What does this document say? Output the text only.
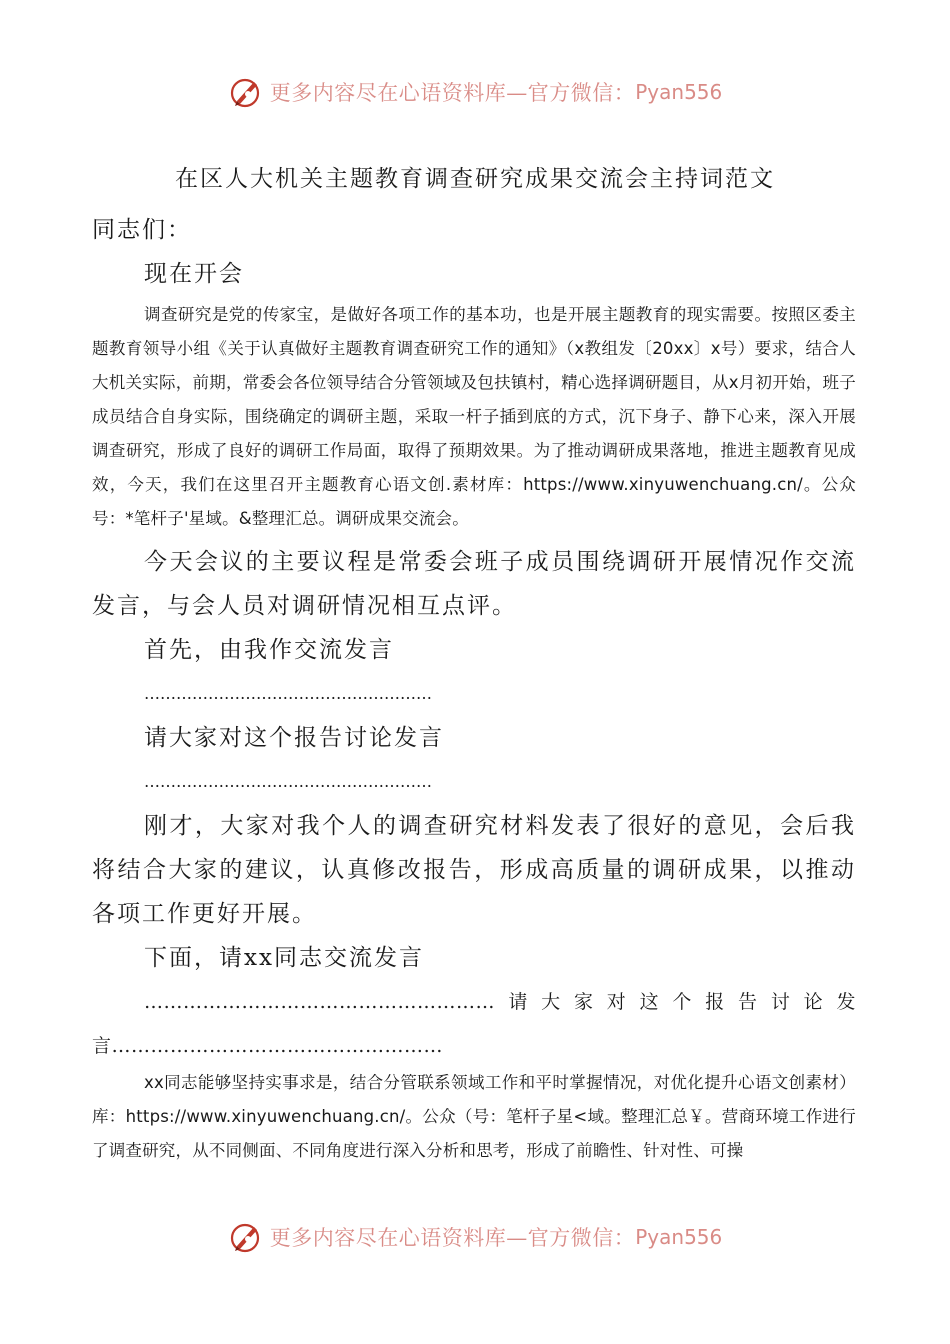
更多内容尽在心语资料库—官方微信： Pyan556
在区人大机关主题教育调查研究成果交流会主持词范文

同志们：

现在开会

调查研究是党的传家宝，是做好各项工作的基本功，也是开展主题教育的现实需要。按照区委主题教育领导小组《关于认真做好主题教育调查研究工作的通知》（x教组发〔20xx〕x号）要求，结合人大机关实际，前期，常委会各位领导结合分管领域及包扶镇村，精心选择调研题目，从x月初开始，班子成员结合自身实际，围绕确定的调研主题，采取一杆子插到底的方式，沉下身子、静下心来，深入开展调查研究，形成了良好的调研工作局面，取得了预期效果。为了推动调研成果落地，推进主题教育见成效，今天，我们在这里召开主题教育心语文创.素材库：https://www.xinyuwenchuang.cn/。公众号：*笔杆子'星域。&整理汇总。调研成果交流会。

今天会议的主要议程是常委会班子成员围绕调研开展情况作交流发言，与会人员对调研情况相互点评。

首先，由我作交流发言

………………………………………………

请大家对这个报告讨论发言

………………………………………………

刚才，大家对我个人的调查研究材料发表了很好的意见，会后我将结合大家的建议，认真修改报告，形成高质量的调研成果，以推动各项工作更好开展。

下面，请xx同志交流发言

………………………………………………请大家对这个报告讨论发言……………………………………………

xx同志能够坚持实事求是，结合分管联系领域工作和平时掌握情况，对优化提升心语文创素材）库：https://www.xinyuwenchuang.cn/。公众（号：笔杆子星<域。整理汇总￥。营商环境工作进行了调查研究，从不同侧面、不同角度进行深入分析和思考，形成了前瞻性、针对性、可操

更多内容尽在心语资料库—官方微信： Pyan556
